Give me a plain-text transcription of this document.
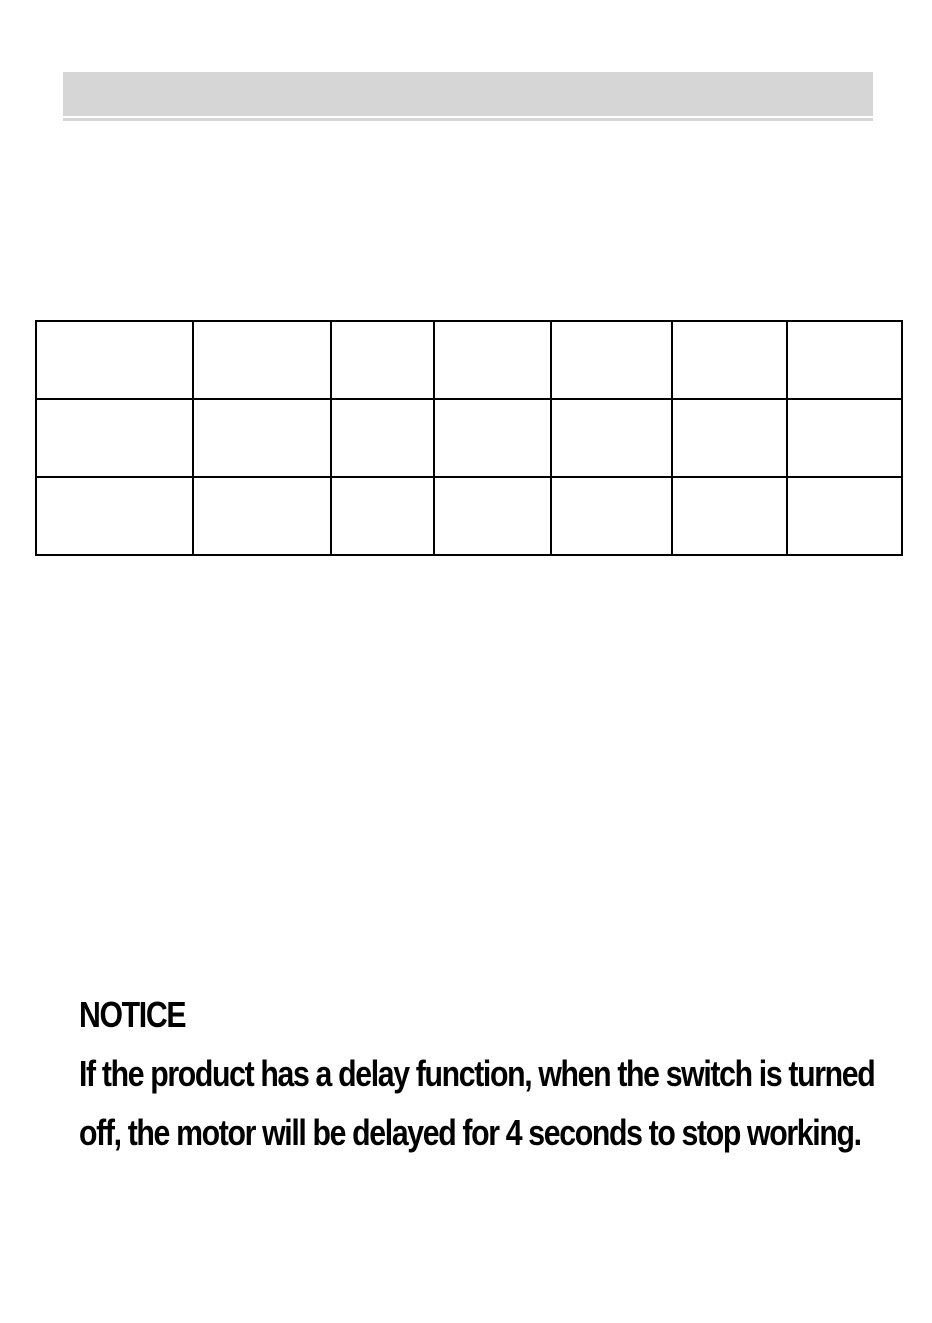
NOTICE
If the product has a delay function, when the switch is turned
off, the motor will be delayed for 4 seconds to stop working.
